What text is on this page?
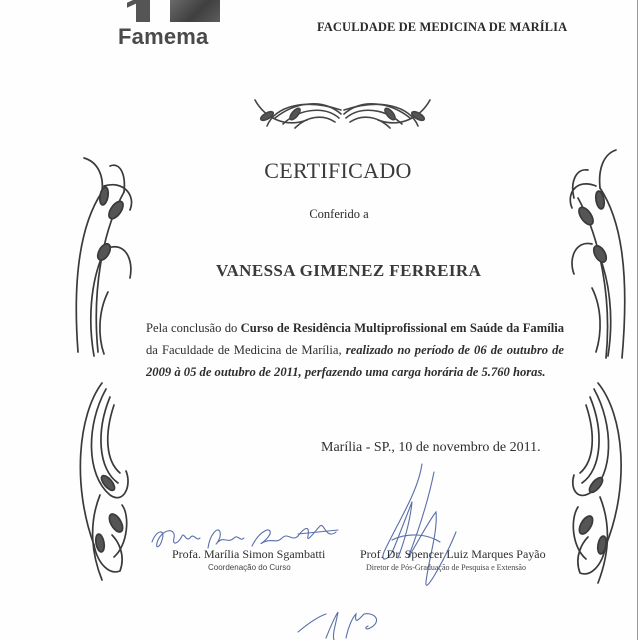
Famema	FACULDADE DE MEDICINA DE MARÍLIA
CERTIFICADO
Conferido a
VANESSA GIMENEZ FERREIRA
Pela conclusão do Curso de Residência Multiprofissional em Saúde da Família da Faculdade de Medicina de Marília, realizado no período de 06 de outubro de 2009 à 05 de outubro de 2011, perfazendo uma carga horária de 5.760 horas.
Marília - SP., 10 de novembro de 2011.
Profa. Marília Simon Sgambatti
Coordenação do Curso
Prof. Dr. Spencer Luiz Marques Payão
Diretor de Pós-Graduação de Pesquisa e Extensão
